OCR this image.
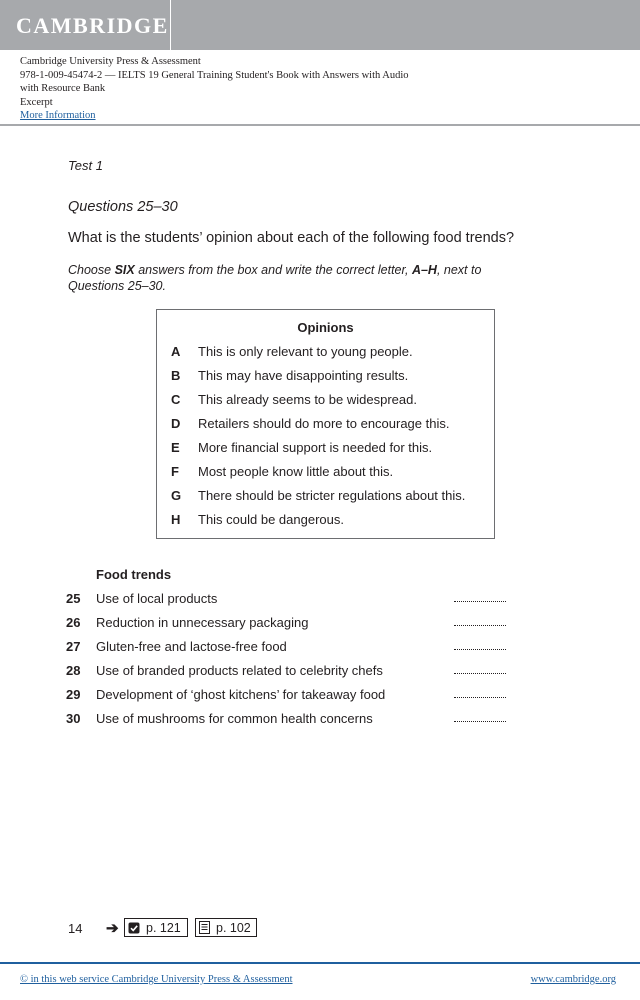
CAMBRIDGE
Cambridge University Press & Assessment
978-1-009-45474-2 — IELTS 19 General Training Student's Book with Answers with Audio
with Resource Bank
Excerpt
More Information
Test 1
Questions 25–30
What is the students’ opinion about each of the following food trends?
Choose SIX answers from the box and write the correct letter, A–H, next to Questions 25–30.
Opinions
A	This is only relevant to young people.
B	This may have disappointing results.
C	This already seems to be widespread.
D	Retailers should do more to encourage this.
E	More financial support is needed for this.
F	Most people know little about this.
G There should be stricter regulations about this.
H	This could be dangerous.
Food trends
25 Use of local products
26 Reduction in unnecessary packaging
27 Gluten-free and lactose-free food
28 Use of branded products related to celebrity chefs
29 Development of ‘ghost kitchens’ for takeaway food
30 Use of mushrooms for common health concerns
14 ➔ p. 121	p. 102
© in this web service Cambridge University Press & Assessment	www.cambridge.org
